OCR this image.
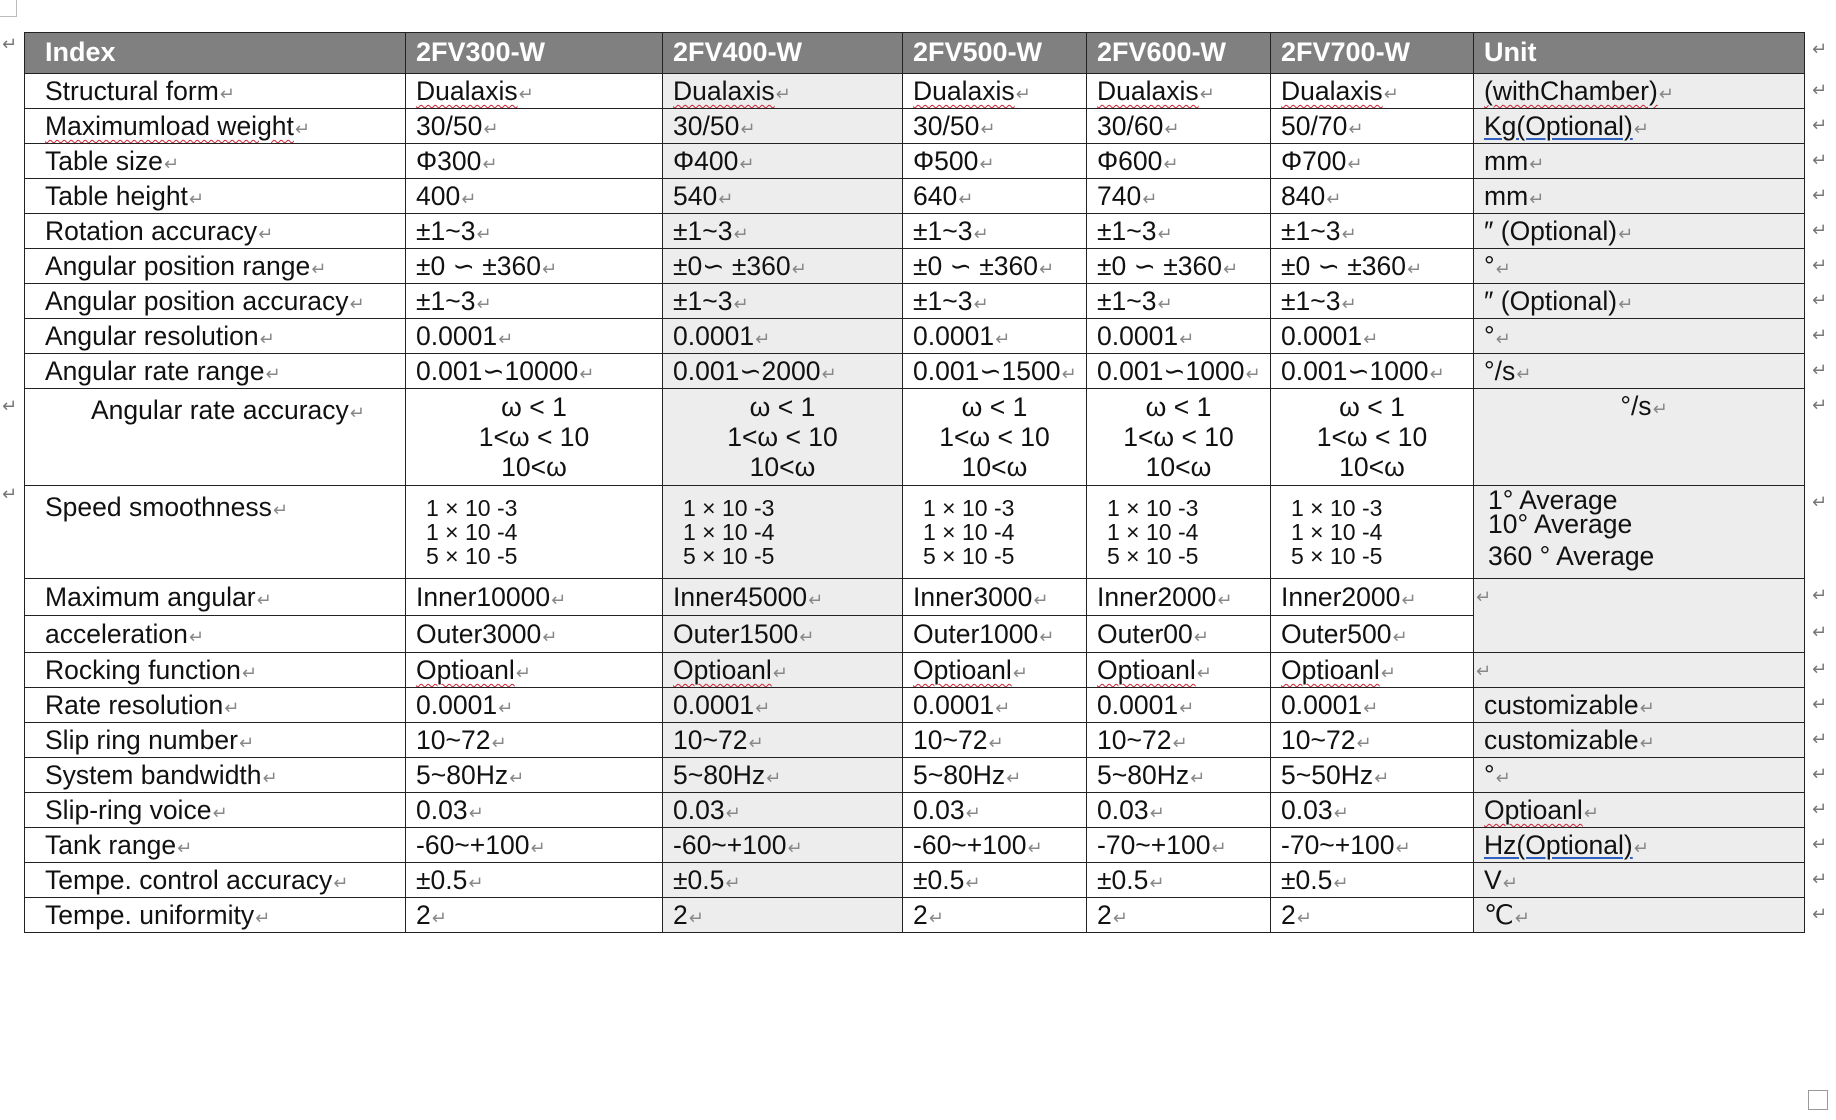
Index	2FV300-W	2FV400-W	2FV500-W	2FV600-W	2FV700-W	Unit
Structural form↵	Dualaxis↵	Dualaxis↵	Dualaxis↵	Dualaxis↵	Dualaxis↵	(withChamber)↵
Maximumload weight↵	30/50↵	30/50↵	30/50↵	30/60↵	50/70↵	Kg(Optional)↵
Table size↵	Φ300↵	Φ400↵	Φ500↵	Φ600↵	Φ700↵	mm↵
Table height↵	400↵	540↵	640↵	740↵	840↵	mm↵
Rotation accuracy↵	±1~3↵	±1~3↵	±1~3↵	±1~3↵	±1~3↵	″ (Optional)↵
Angular position range↵	±0 ∽ ±360↵	±0∽ ±360↵	±0 ∽ ±360↵	±0 ∽ ±360↵	±0 ∽ ±360↵	°↵
Angular position accuracy↵	±1~3↵	±1~3↵	±1~3↵	±1~3↵	±1~3↵	″ (Optional)↵
Angular resolution↵	0.0001↵	0.0001↵	0.0001↵	0.0001↵	0.0001↵	°↵
Angular rate range↵	0.001∽10000↵	0.001∽2000↵	0.001∽1500↵	0.001∽1000↵	0.001∽1000↵	°/s↵
Angular rate accuracy↵	ω < 1
1<ω < 10
10<ω	ω < 1
1<ω < 10
10<ω	ω < 1
1<ω < 10
10<ω	ω < 1
1<ω < 10
10<ω	ω < 1
1<ω < 10
10<ω	°/s↵
Speed smoothness↵	1 × 10 -3
1 × 10 -4
5 × 10 -5	1 × 10 -3
1 × 10 -4
5 × 10 -5	1 × 10 -3
1 × 10 -4
5 × 10 -5	1 × 10 -3
1 × 10 -4
5 × 10 -5	1 × 10 -3
1 × 10 -4
5 × 10 -5	1° Average
10° Average
360 ° Average

Maximum angular↵	Inner10000↵	Inner45000↵	Inner3000↵	Inner2000↵	Inner2000↵	↵
acceleration↵	Outer3000↵	Outer1500↵	Outer1000↵	Outer00↵	Outer500↵	
Rocking function↵	Optioanl↵	Optioanl↵	Optioanl↵	Optioanl↵	Optioanl↵	↵
Rate resolution↵	0.0001↵	0.0001↵	0.0001↵	0.0001↵	0.0001↵	customizable↵
Slip ring number↵	10~72↵	10~72↵	10~72↵	10~72↵	10~72↵	customizable↵
System bandwidth↵	5~80Hz↵	5~80Hz↵	5~80Hz↵	5~80Hz↵	5~50Hz↵	°↵
Slip-ring voice↵	0.03↵	0.03↵	0.03↵	0.03↵	0.03↵	Optioanl↵
Tank range↵	-60~+100↵	-60~+100↵	-60~+100↵	-70~+100↵	-70~+100↵	Hz(Optional)↵
Tempe. control accuracy↵	±0.5↵	±0.5↵	±0.5↵	±0.5↵	±0.5↵	V↵
Tempe. uniformity↵	2↵	2↵	2↵	2↵	2↵	℃↵
↵
↵
↵
↵
↵
↵
↵
↵
↵
↵
↵
↵
↵
↵
↵
↵
↵
↵
↵
↵
↵
↵
↵
↵
↵
